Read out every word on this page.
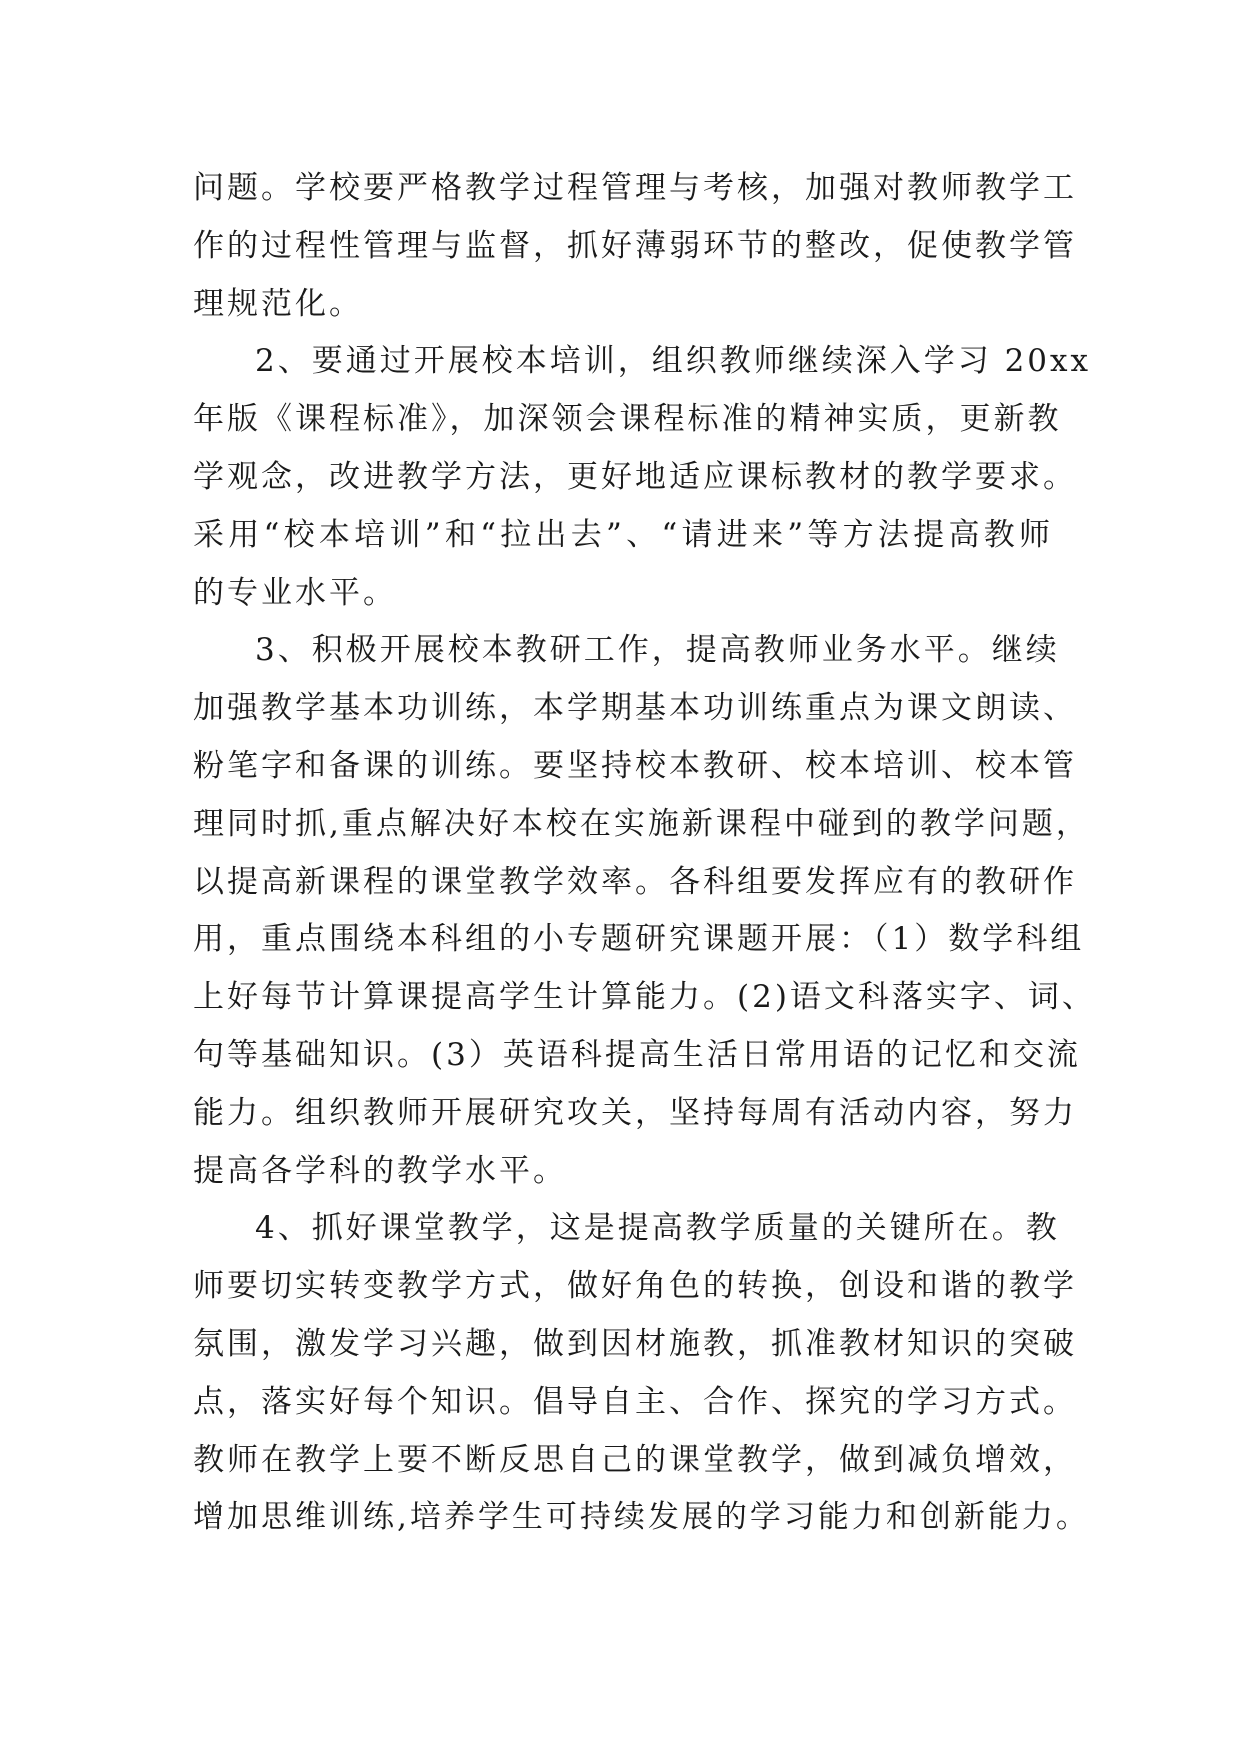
问题。学校要严格教学过程管理与考核，加强对教师教学工
作的过程性管理与监督，抓好薄弱环节的整改，促使教学管
理规范化。
2、要通过开展校本培训，组织教师继续深入学习 20xx
年版《课程标准》，加深领会课程标准的精神实质，更新教
学观念，改进教学方法，更好地适应课标教材的教学要求。
采用“校本培训”和“拉出去”、“请进来”等方法提高教师
的专业水平。
3、积极开展校本教研工作，提高教师业务水平。继续
加强教学基本功训练，本学期基本功训练重点为课文朗读、
粉笔字和备课的训练。要坚持校本教研、校本培训、校本管
理同时抓,重点解决好本校在实施新课程中碰到的教学问题，
以提高新课程的课堂教学效率。各科组要发挥应有的教研作
用，重点围绕本科组的小专题研究课题开展：（1）数学科组
上好每节计算课提高学生计算能力。(2)语文科落实字、词、
句等基础知识。(3）英语科提高生活日常用语的记忆和交流
能力。组织教师开展研究攻关，坚持每周有活动内容，努力
提高各学科的教学水平。
4、抓好课堂教学，这是提高教学质量的关键所在。教
师要切实转变教学方式，做好角色的转换，创设和谐的教学
氛围，激发学习兴趣，做到因材施教，抓准教材知识的突破
点，落实好每个知识。倡导自主、合作、探究的学习方式。
教师在教学上要不断反思自己的课堂教学，做到减负增效，
增加思维训练,培养学生可持续发展的学习能力和创新能力。
